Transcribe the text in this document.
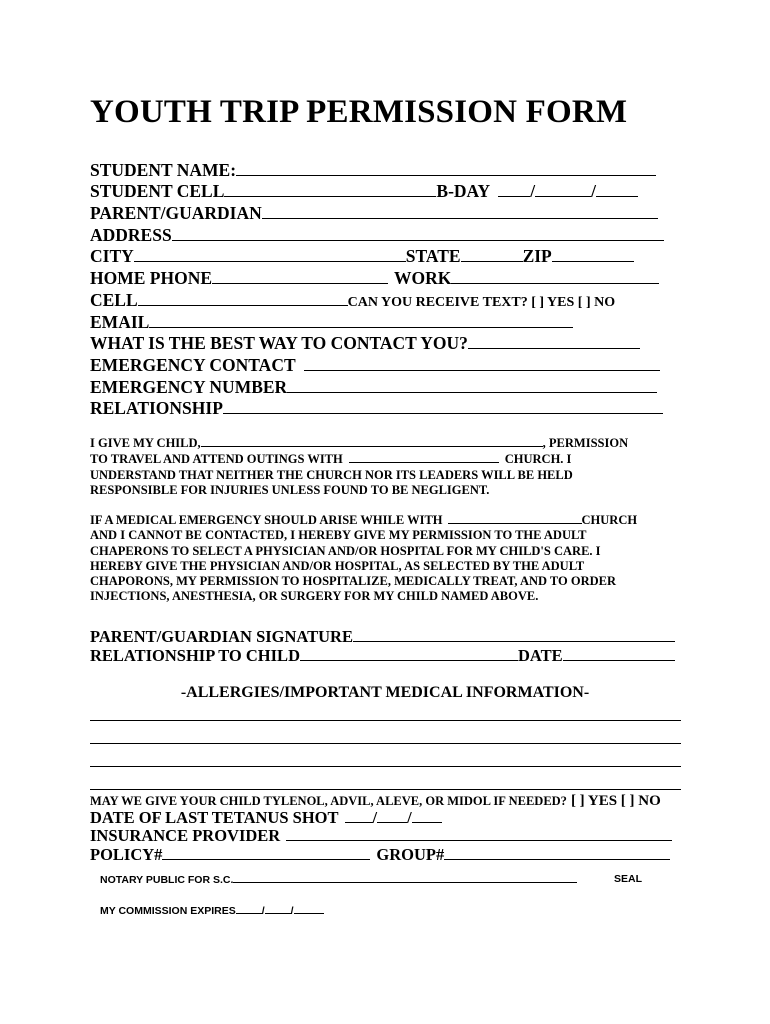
YOUTH TRIP PERMISSION FORM
STUDENT NAME:
STUDENT CELL	B-DAY /	/
PARENT/GUARDIAN
ADDRESS
CITY	STATE	ZIP
HOME PHONE	WORK
CELL	CAN YOU RECEIVE TEXT? [ ] YES [ ] NO
EMAIL
WHAT IS THE BEST WAY TO CONTACT YOU?
EMERGENCY CONTACT
EMERGENCY NUMBER
RELATIONSHIP
I GIVE MY CHILD,	, PERMISSION
TO TRAVEL AND ATTEND OUTINGS WITH	CHURCH. I
UNDERSTAND THAT NEITHER THE CHURCH NOR ITS LEADERS WILL BE HELD
RESPONSIBLE FOR INJURIES UNLESS FOUND TO BE NEGLIGENT.
IF A MEDICAL EMERGENCY SHOULD ARISE WHILE WITH	CHURCH
AND I CANNOT BE CONTACTED, I HEREBY GIVE MY PERMISSION TO THE ADULT
CHAPERONS TO SELECT A PHYSICIAN AND/OR HOSPITAL FOR MY CHILD'S CARE. I
HEREBY GIVE THE PHYSICIAN AND/OR HOSPITAL, AS SELECTED BY THE ADULT
CHAPORONS, MY PERMISSION TO HOSPITALIZE, MEDICALLY TREAT, AND TO ORDER
INJECTIONS, ANESTHESIA, OR SURGERY FOR MY CHILD NAMED ABOVE.
PARENT/GUARDIAN SIGNATURE
RELATIONSHIP TO CHILD	DATE
-ALLERGIES/IMPORTANT MEDICAL INFORMATION-
MAY WE GIVE YOUR CHILD TYLENOL, ADVIL, ALEVE, OR MIDOL IF NEEDED? [ ] YES [ ] NO
DATE OF LAST TETANUS SHOT / /
INSURANCE PROVIDER
POLICY#	GROUP#
NOTARY PUBLIC FOR S.C.	SEAL
MY COMMISSION EXPIRES / /
